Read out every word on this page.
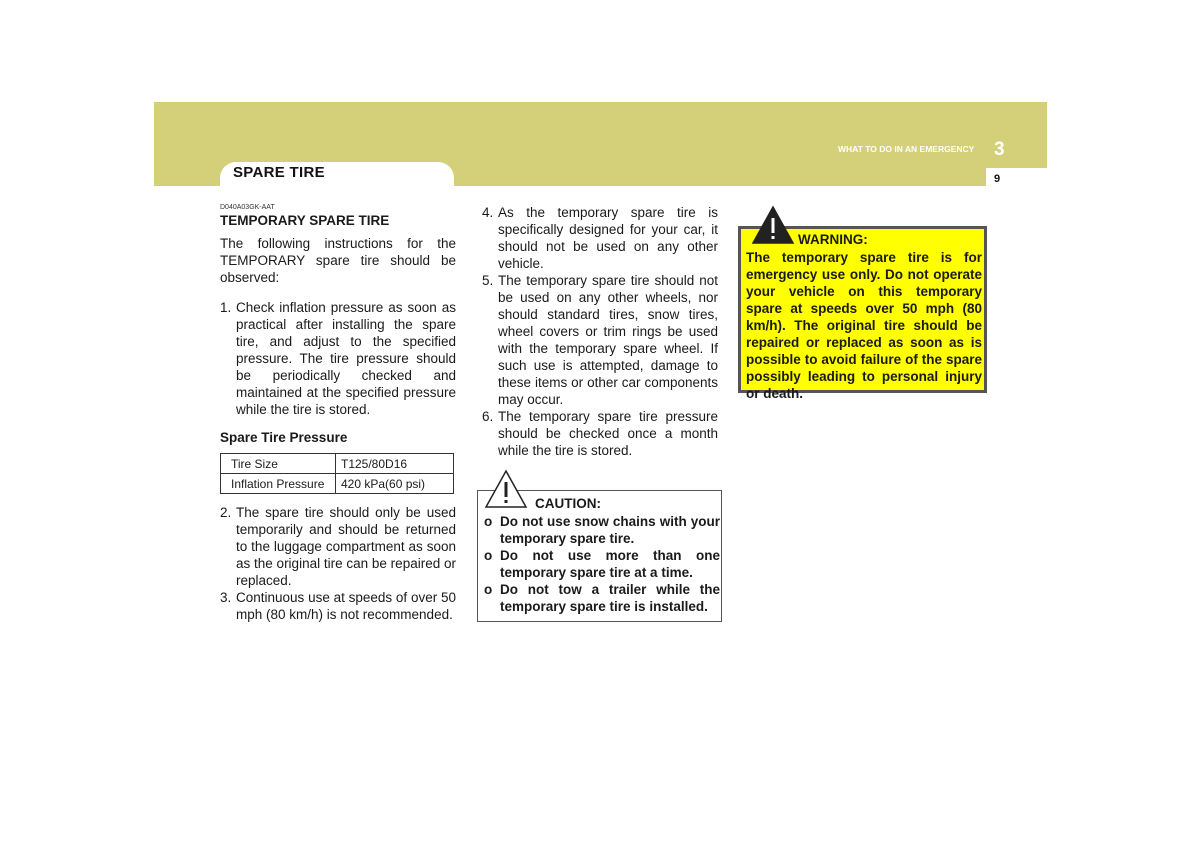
SPARE TIRE
WHAT TO DO IN AN EMERGENCY 3
9
D040A03GK-AAT
TEMPORARY SPARE TIRE

The following instructions for the TEMPORARY spare tire should be observed:

1. Check inflation pressure as soon as practical after installing the spare tire, and adjust to the specified pressure. The tire pressure should be periodically checked and maintained at the specified pressure while the tire is stored.
Spare Tire Pressure
Tire Size	T125/80D16
Inflation Pressure	420 kPa(60 psi)
2. The spare tire should only be used temporarily and should be returned to the luggage compartment as soon as the original tire can be repaired or replaced.
3. Continuous use at speeds of over 50 mph (80 km/h) is not recommended.
4. As the temporary spare tire is specifically designed for your car, it should not be used on any other vehicle.
5. The temporary spare tire should not be used on any other wheels, nor should standard tires, snow tires, wheel covers or trim rings be used with the temporary spare wheel. If such use is attempted, damage to these items or other car components may occur.
6. The temporary spare tire pressure should be checked once a month while the tire is stored.
CAUTION:
o Do not use snow chains with your temporary spare tire.
o Do not use more than one temporary spare tire at a time.
o Do not tow a trailer while the temporary spare tire is installed.
WARNING:
The temporary spare tire is for emergency use only. Do not operate your vehicle on this temporary spare at speeds over 50 mph (80 km/h). The original tire should be repaired or replaced as soon as is possible to avoid failure of the spare possibly leading to personal injury or death.
